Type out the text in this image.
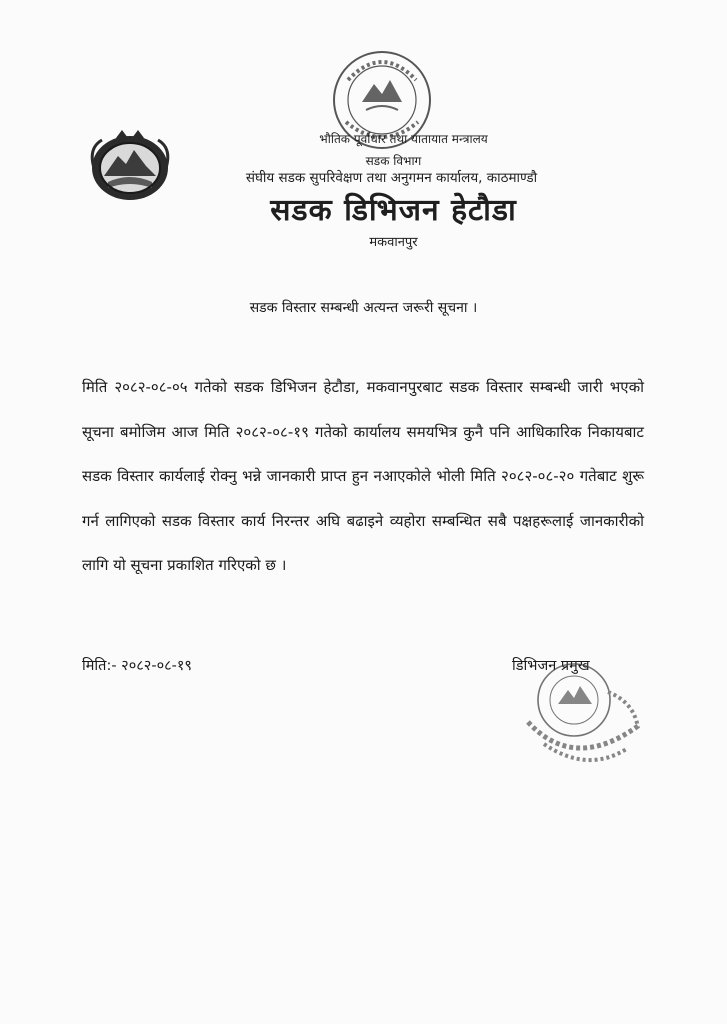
भौतिक पूर्वाधार तथा यातायात मन्त्रालय
सडक विभाग
संघीय सडक सुपरिवेक्षण तथा अनुगमन कार्यालय, काठमाण्डौ
सडक डिभिजन हेटौडा
मकवानपुर
सडक विस्तार सम्बन्धी अत्यन्त जरूरी सूचना ।
मिति २०८२-०८-०५ गतेको सडक डिभिजन हेटौडा, मकवानपुरबाट सडक विस्तार सम्बन्धी जारी भएको सूचना बमोजिम आज मिति २०८२-०८-१९ गतेको कार्यालय समयभित्र कुनै पनि आधिकारिक निकायबाट सडक विस्तार कार्यलाई रोक्नु भन्ने जानकारी प्राप्त हुन नआएकोले भोली मिति २०८२-०८-२० गतेबाट शुरू गर्न लागिएको सडक विस्तार कार्य निरन्तर अघि बढाइने व्यहोरा सम्बन्धित सबै पक्षहरूलाई जानकारीको लागि यो सूचना प्रकाशित गरिएको छ ।
मिति:- २०८२-०८-१९	डिभिजन प्रमुख
